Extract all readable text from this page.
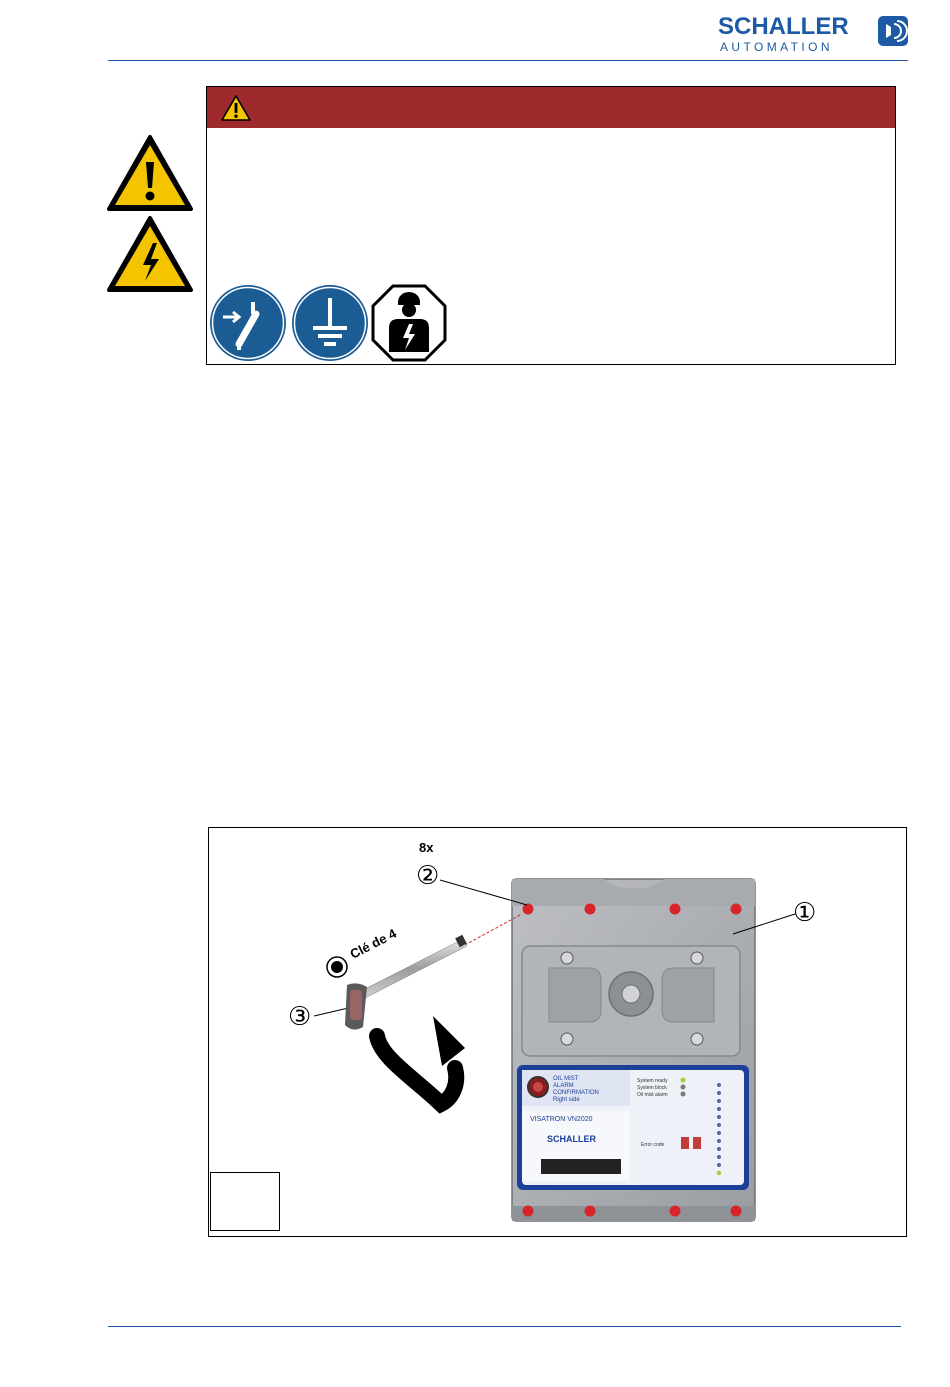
SCHALLER
AUTOMATION
OIL MIST
ALARM
CONFIRMATION
Right side
VISATRON VN2020
SCHALLER
System ready
System block
Oil mist alarm
Error code
8x
Clé de 4
②
①
③
